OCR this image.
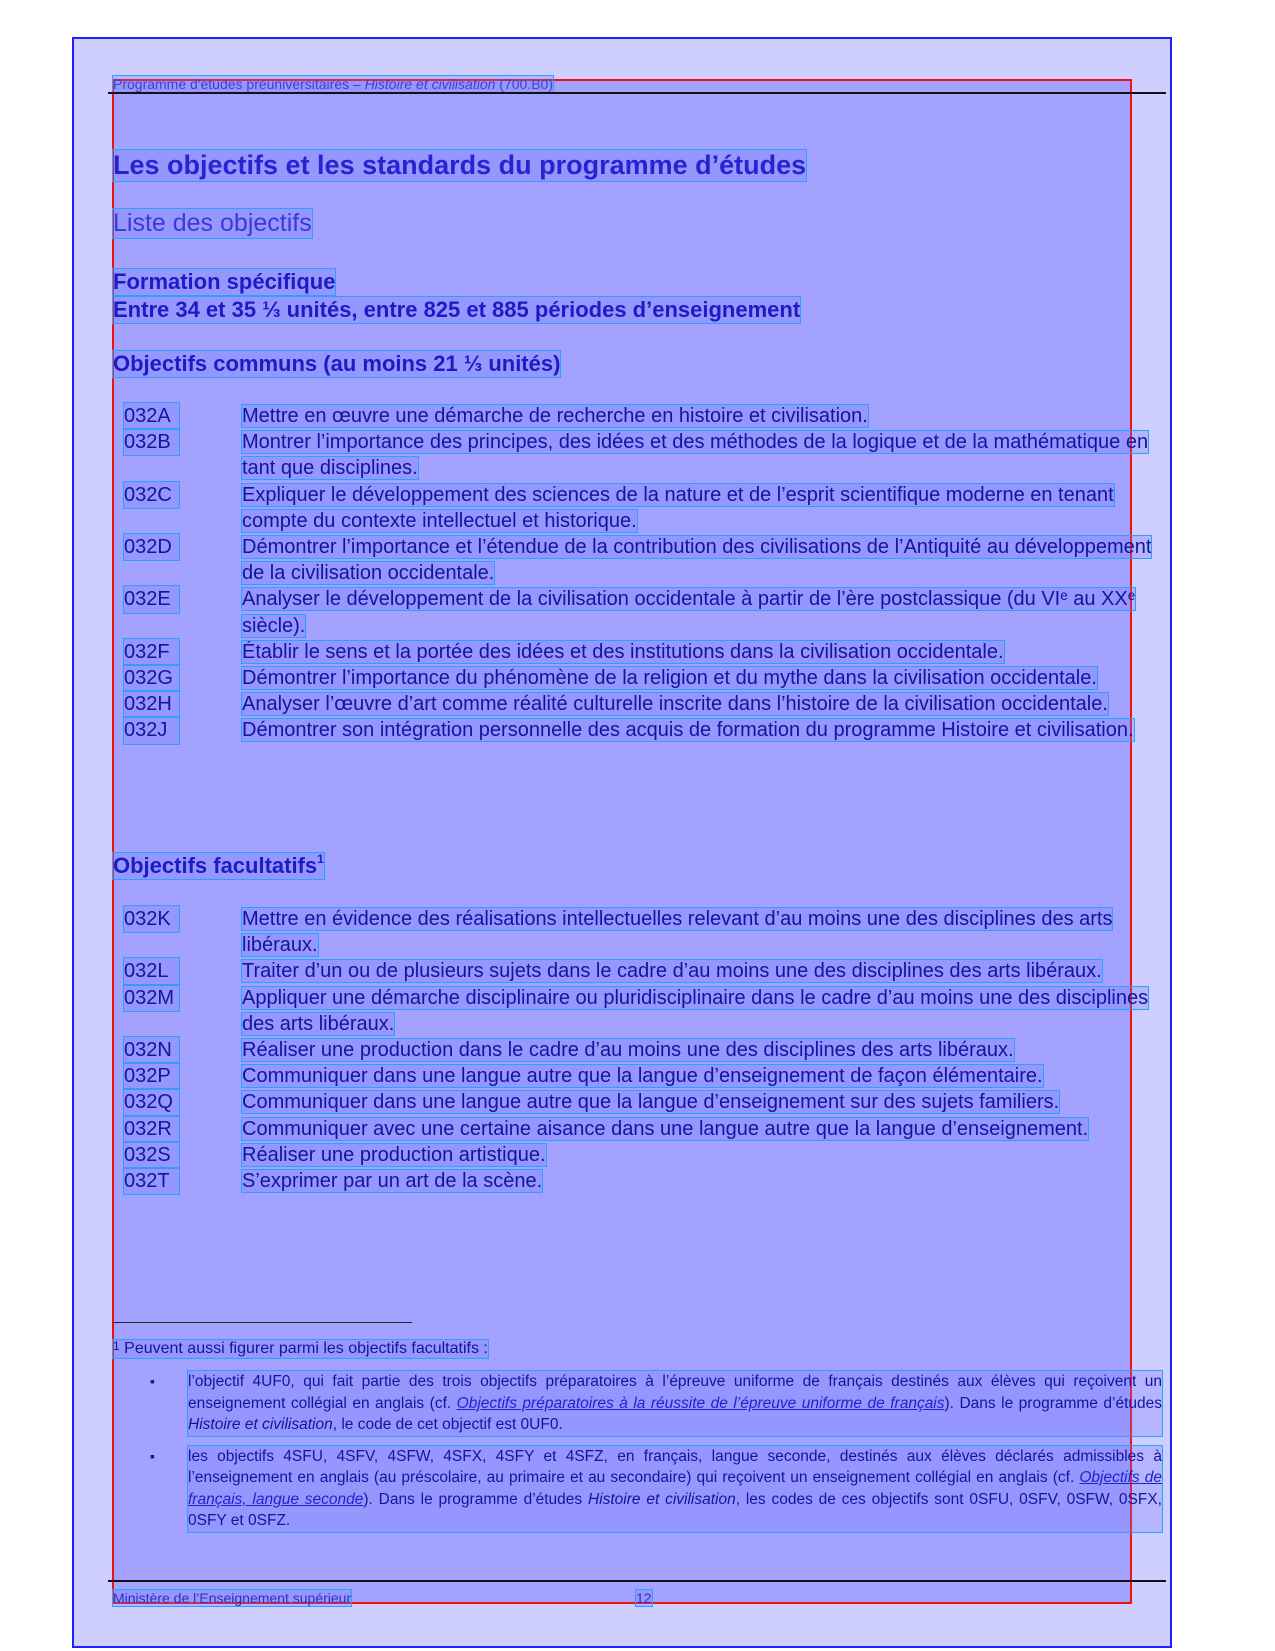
Programme d'études préuniversitaires – Histoire et civilisation (700.B0)
Les objectifs et les standards du programme d’études
Liste des objectifs
Formation spécifique
Entre 34 et 35 ⅓ unités, entre 825 et 885 périodes d’enseignement
Objectifs communs (au moins 21 ⅓ unités)
032A	Mettre en œuvre une démarche de recherche en histoire et civilisation.
032B	Montrer l’importance des principes, des idées et des méthodes de la logique et de la mathématique en tant que disciplines.
032C	Expliquer le développement des sciences de la nature et de l’esprit scientifique moderne en tenant compte du contexte intellectuel et historique.
032D	Démontrer l’importance et l’étendue de la contribution des civilisations de l’Antiquité au développement de la civilisation occidentale.
032E	Analyser le développement de la civilisation occidentale à partir de l’ère postclassique (du VIᵉ au XXᵉ siècle).
032F	Établir le sens et la portée des idées et des institutions dans la civilisation occidentale.
032G	Démontrer l’importance du phénomène de la religion et du mythe dans la civilisation occidentale.
032H	Analyser l’œuvre d’art comme réalité culturelle inscrite dans l’histoire de la civilisation occidentale.
032J	Démontrer son intégration personnelle des acquis de formation du programme Histoire et civilisation.
Objectifs facultatifs$^1$
032K	Mettre en évidence des réalisations intellectuelles relevant d’au moins une des disciplines des arts libéraux.
032L	Traiter d’un ou de plusieurs sujets dans le cadre d’au moins une des disciplines des arts libéraux.
032M	Appliquer une démarche disciplinaire ou pluridisciplinaire dans le cadre d’au moins une des disciplines des arts libéraux.
032N	Réaliser une production dans le cadre d’au moins une des disciplines des arts libéraux.
032P	Communiquer dans une langue autre que la langue d’enseignement de façon élémentaire.
032Q	Communiquer dans une langue autre que la langue d’enseignement sur des sujets familiers.
032R	Communiquer avec une certaine aisance dans une langue autre que la langue d’enseignement.
032S	Réaliser une production artistique.
032T	S’exprimer par un art de la scène.
$^1$ Peuvent aussi figurer parmi les objectifs facultatifs :
▪	l’objectif 4UF0, qui fait partie des trois objectifs préparatoires à l’épreuve uniforme de français destinés aux élèves qui reçoivent un enseignement collégial en anglais (cf. Objectifs préparatoires à la réussite de l’épreuve uniforme de français). Dans le programme d’études Histoire et civilisation, le code de cet objectif est 0UF0.
▪	les objectifs 4SFU, 4SFV, 4SFW, 4SFX, 4SFY et 4SFZ, en français, langue seconde, destinés aux élèves déclarés admissibles à l’enseignement en anglais (au préscolaire, au primaire et au secondaire) qui reçoivent un enseignement collégial en anglais (cf. Objectifs de français, langue seconde). Dans le programme d’études Histoire et civilisation, les codes de ces objectifs sont 0SFU, 0SFV, 0SFW, 0SFX, 0SFY et 0SFZ.
Ministère de l’Enseignement supérieur	12
